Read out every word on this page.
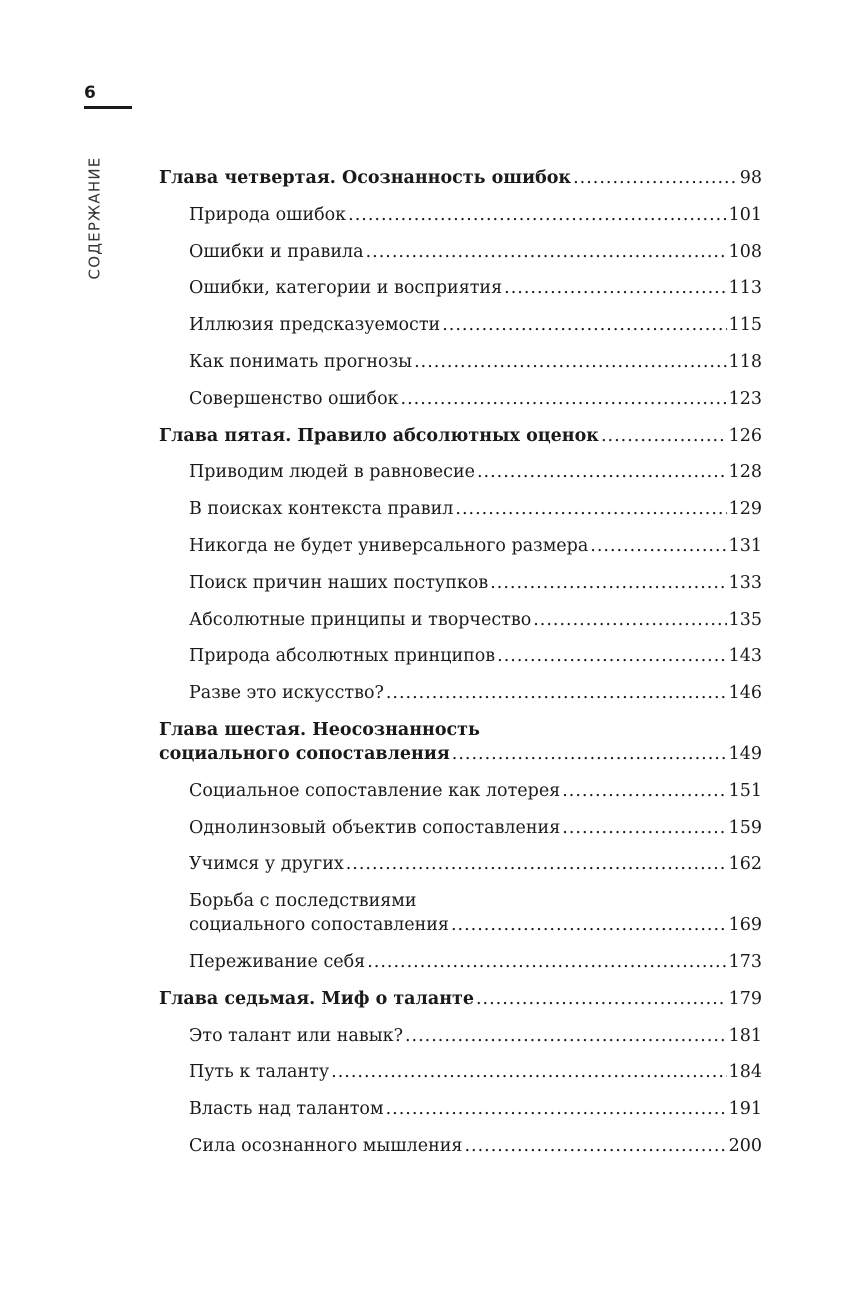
6
СОДЕРЖАНИЕ	Глава четвертая. Осознанность ошибок .....	98
Природа ошибок .....	101
Ошибки и правила .....	108
Ошибки, категории и восприятия .....	113
Иллюзия предсказуемости .....	115
Как понимать прогнозы .....	118
Совершенство ошибок .....	123
Глава пятая. Правило абсолютных оценок .....	126
Приводим людей в равновесие .....	128
В поисках контекста правил .....	129
Никогда не будет универсального размера .....	131
Поиск причин наших поступков .....	133
Абсолютные принципы и творчество .....	135
Природа абсолютных принципов .....	143
Разве это искусство? .....	146
Глава шестая. Неосознанность
социального сопоставления .....	149
Социальное сопоставление как лотерея .....	151
Однолинзовый объектив сопоставления .....	159
Учимся у других .....	162
Борьба с последствиями
социального сопоставления .....	169
Переживание себя .....	173
Глава седьмая. Миф о таланте .....	179
Это талант или навык? .....	181
Путь к таланту .....	184
Власть над талантом .....	191
Сила осознанного мышления .....	200
